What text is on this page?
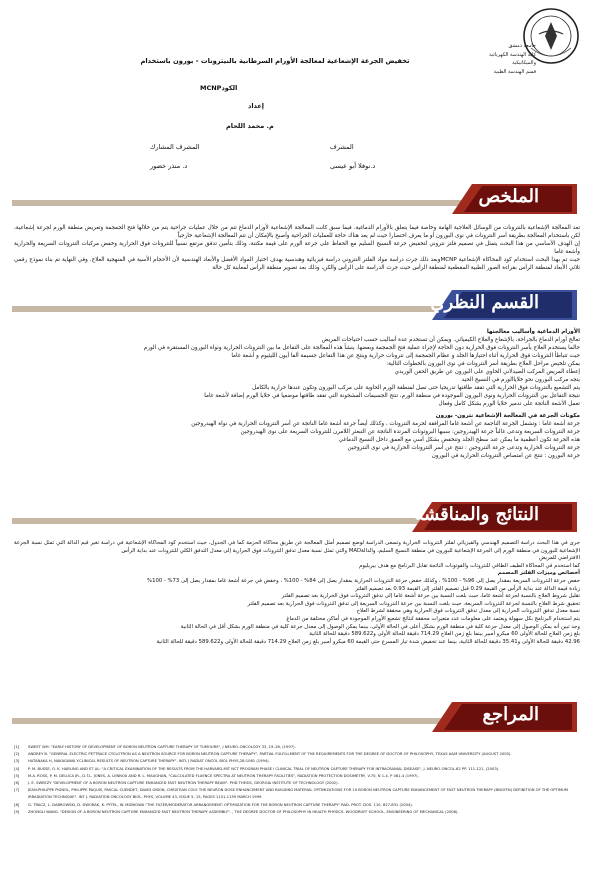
جامعة دمشق
كلية الهندسة الكهربائية
والميكانيكية
قسم الهندسة الطبية
تخفيض الجرعة الإشعاعية لمعالجة الأورام السرطانية بالنيترونات - بورون باستخدام
الكودMCNP
إعداد
م. محمد اللحام
المشرف المشارك	المشرف
د. منذر خضور	د.نوفلا أبو عيسى
الملخص

تعد المعالجة الإشعاعية بالنترونات من الوسائل العلاجية الهامة وخاصة فيما يتعلق بالأورام الدماغية. فيما سبق كانت المعالجة الإشعاعية لأورام الدماغ تتم من خلال عمليات جراحية يتم من خلالها فتح الجمجمة وتعريض منطقة الورم لجرعة إشعاعية، لكن باستخدام المعالجة بطريقة أسر النترونات في نوى البورون أو ما يعرف اختصارا حيث لم يعد هناك حاجة للعمليات الجراحية وأصبح بالإمكان أن تتم المعالجة الإشعاعية خارجياً

إن الهدف الأساسي من هذا البحث يتمثل في تصميم فلتر نتروني لتخفيض جرعة النسيج السليم مع الحفاظ على جرعة الورم على قيمة مكتنة، وذلك بتأمين تدفق مرتفع نسبياً للنترونات فوق الحرارية وخفض مركبات النترونات السريعة والحرارية وأشعة غاما

حيث تم بهذا البحث استخدام كود المحاكاة الإشعاعية MCNPوبعد ذلك جرت دراسة مواد الفلتر النتروني دراسة فيزيائية وهندسية بهدف اختيار المواد الأفضل والأبعاد الهندسية لأن الأحجام الأسية في المنهجية العلاج. وفي النهاية تم بناء نموذج رقمي ثلاثي الأبعاد لمنطقة الرأس بقراءة الصور الطبية المقطعية لمنطقة الرأس حيث جرت الدراسة على الرأس والكن، وذلك بعد تصوير منطقة الرأس لمعاينة كل حالة

القسم النظري

الأورام الدماغية وأساليب معالجتها

تعالج أورام الدماغ بالجراحة، بالإشعاع والعلاج الكيميائي. ويمكن أن تستخدم عدة أساليب حسب احتياجات المريض

حالما يستخدم العلاج بأسر النترونات فوق الحرارية دون الحاجة لإجراء عملية فتح الجمجمة وبعضها. ينشأ هذه المعالجة على التفاعل ما بين النترونات الحرارية ونواة البورون المستقرة في الورم

حيث تتباطأ النترونات فوق الحرارية أثناء اجتيازها الجلد و عظام الجمجمة إلى نترونات حرارية وينتج عن هذا التفاعل جسيمة ألفا أيون الليثيوم و أشعة غاما

يمكن تلخيص مراحل العلاج بطريقة أسر النترونات في نوى البورون بالخطوات التالية:

إعطاء المريض المركب الصيدلاني الحاوي على البورون عن طريق الحقن الوريدي

يتجه مركب البورون نحو خلاياالورم في النسيج الحيد

يتم التشعيع بالنترونات فوق الحرارية التي تفقد طاقتها تدريجيا حتى تصل لمنطقة الورم الحاوية على مركب البورون وتكون عندها حرارية بالكامل

نتيجة التفاعل بين النترونات الحرارية ونوى البورون الموجودة في منطقة الورم، تنتج الجسيمات المشحونة التي تفقد طاقتها موضعيا في خلايا الورم إضافة لأشعة غاما

تعمل الأشعة الناتجة على تدمير خلايا الورم بشكل كامل وفعال

مكونات الجرعة في المعالجة الإشعاعية نترون- بورون

جرعة أشعة غاما : وتشمل الجرعة الناجمة عن أشعة غاما المرافقة لحزمة النترونات ، وكذلك أيضاً جرعة أشعة غاما الناتجة عن أسر النترونات الحرارية في نواة الهيدروجين

جرعة النترونات السريعة وتدعى غالباً جرعة الهيدروجين: سببها البروتونات المرتدة الناتجة عن التبعثر اللامرن للنترونات السريعة على نوى الهيدروجين

هذه الجرعة تكون أعظمية ما يمكن عند سطح الجلد وتنخفض بشكل أسي مع العمق داخل النسيج الدماغي

جرعة النترونات الحرارية وتدعى جرعة النتروجين : تنتج عن أسر النترونات الحرارية في نوى النتروجين

جرعة البورون : تنتج عن امتصاص النترونات الحرارية في البورون

النتائج والمناقشة

جرى في هذا البحث دراسة التصميم الهندسي والفيزيائي لفلتر النترونات الحرارية وتسعى الدراسة لوضع تصميم أمثل المعالجة عن طريق محاكاة الحزمة كما في الجدول، حيث استخدم كود المحاكاة الإشعاعية في دراسة تغير قيم الدالة التي تمثل نسبة الجرعة الإشعاعية للبورون في منطقة الورم إلى الجرعة الإشعاعية للبورون في منطقة النسيج السليم، والدالةMAD والتي تمثل نسبة معدل تدفق النترونات فوق الحرارية إلى معدل التدفق الكلي للنترونات عند بداية الرأس

الافتراضي للمريض

كما استخدم في المحاكاة الطيف الطاقي للنترونات والفوتونات الناتجة تقابل البرنامج مع هدف بيريليوم

أخصائص وميزات الفلتر المصمم

خفض جرعة النترونات السريعة بمقدار يصل إلى 96% - 100% ، وكذلك خفض جرعة النترونات الحرارية بمقدار يصل إلى 84% - 100% ، وخفض في جرعة أشعة غاما بمقدار يصل إلى 73% - 100%

زيادة قيمة الدالة عند بداية الرأس من القيمة 0.29 قبل تصميم الفلتر إلى القيمة 0.93 بعد تصميم الفلتر

تقليل شروط العلاج بالنسبة لجرعة أشعة غاما، حيث بلغت النسبة بين جرعة أشعة غاما إلى تدفق النترونات فوق الحرارية بعد تصميم الفلتر

تحقيق شرط العلاج بالنسبة لجرعة النترونات السريعة، حيث بلغت النسبة بين جرعة النترونات السريعة إلى تدفق النترونات فوق الحرارية بعد تصميم الفلتر

نسبة معدل تدفق النترونات الحرارية إلى معدل تدفق النترونات فوق الحرارية وهي محققة لشرط العلاج

يتم استخدام البرنامج بكل سهولة ويعتمد على معلومات عدد متغيرات محققة لنتائج تشعيع الأورام الموجودة في أماكن مختلفة من الدماغ

وجد تبين أنه يمكن الوصول إلى معدل جرعة كلية في منطقة الورم بشكل أعلى في الحالة الأولى، بينما يمكن الوصول إلى معدل جرعة كلية في منطقة الورم بشكل أقل في الحالة الثانية

بلغ زمن العلاج للحالة الأولى 60 ميكرو أمبير بينما بلغ زمن العلاج 714.29 دقيقة للحالة الأولى و589.622 دقيقة للحالة الثانية

42.96 دقيقة للحالة الأولى و35.41 دقيقة للحالة الثانية، بينما عند تخفيض شدة تيار المسرع حتى القيمة 60 ميكرو أمبير بلغ زمن العلاج 714.29 دقيقة للحالة الأولى و589.622 دقيقة للحالة الثانية

المراجع
[1]	SWEET WH: "EARLY HISTORY OF DEVELOPMENT OF BORON NEUTRON CAPTURE THERAPY OF TUMOURS", J NEURO-ONCOLOGY 33, 19–26, (1997).
[2]	ANDREY B. "GENERAL ELECTRIC PETTRACE CYCLOTRON AS A NEUTRON SOURCE FOR BORON NEUTRON CAPTURE THERAPY", PARTIAL FULFILLMENT OF THE REQUIREMENTS FOR THE DEGREE OF DOCTOR OF PHILOSOPHY, TEXAS A&M UNIVERSITY (AUGUST 2003).
[3]	HATANAKA H, NAKAGAWA Y.CLINICAL RESULTS OF NEUTRON CAPTURE THERAPY". INTL J RADIAT ONCOL BIOL PHYS,28:1061 (1994).
[4]	P. M. BUSSE, O. K. HARLING AND ET AL: "A CRITICAL EXAMINATION OF THE RESULTS FROM THE HARVARD-MIT NCT PROGRAM PHASE I CLINICAL TRIAL OF NEUTRON CAPTURE THERAPY FOR INTRACRANIAL DISEASE", J. NEURO-ONCOL.62 PP. 111-121, (2003).
[5]	M.A. ROSS, P. M. DELUCA JR., D.T.L. JONES, A. LENNOX AND R. L. MAUGHAN, "CALCULATED FLUENCE SPECTRA AT NEUTRON THERAPY FACILITIES", RADIATION PROTECTION DOSIMETRY, V.70, N 1-4, P 461-4 (1997).
[6]	J. E. SWEEZY "DEVELOPMENT OF A BORON NEUTRON CAPTURE ENHANCED FAST NEUTRON THERAPY BEAM". PHD THESIS, GEORGIA INSTITUTE OF TECHNOLOGY (2002).
[7]	JEAN-PHILIPPE PIGNOL, PHILIPPE PAQUIS, PASCAL CUENDET, DAVID GIBON, CHRISTIAN COLY. THE NEURON DOSE ENHANCEMENT AND BUILDING MATERIAL OPTIMIZATIONS FOR 10 BORON NEUTRON CAPTURE ENHANCEMENT OF FAST NEUTRON THERAPY (BNCEFN) DEFINITION OF THE OPTIMUM IRRADIATION TECHNIQUE". INT J. RADIATION ONCOLOGY BIOL. PHYS, VOLUME 43, ISSUE 5, 15, PAGES 1151-1159 MARCH 1999.
[8]	G. TRACZ, L. DABROWSKI, D. DWORAK, K. PYTEL, W. MIZIKOWA "THE FILTER/MODERATOR ARRANGEMENT: OPTIMIZATION FOR THE BORON NEUTRON CAPTURE THERAPY" RAD. PROT. DOS. 110, 827-831 (2004).
[9]	ZHONGLI WANG. "DESIGN OF A BORON NEUTRON CAPTURE ENHANCED FAST NEUTRON THERAPY ASSEMBLY". , THE DEGREE DOCTOR OF PHILOSOPHY IN HEALTH PHYSICS. WOODRUFF SCHOOL, ENGINEERING OF MECHANICAL (2006).
